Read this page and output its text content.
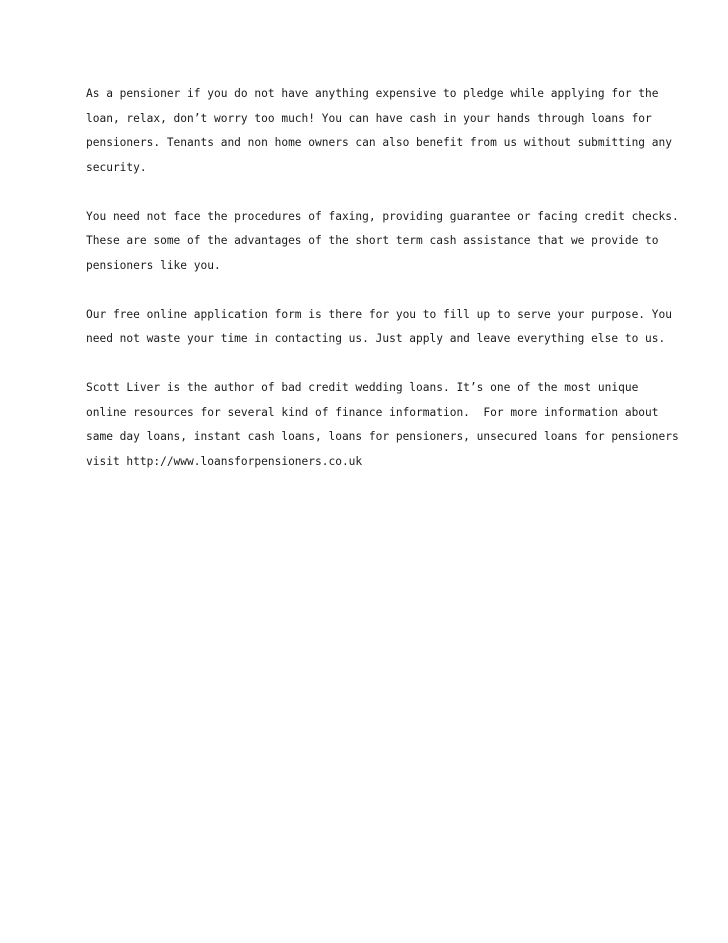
As a pensioner if you do not have anything expensive to pledge while applying for the
loan, relax, don’t worry too much! You can have cash in your hands through loans for
pensioners. Tenants and non home owners can also benefit from us without submitting any
security.

You need not face the procedures of faxing, providing guarantee or facing credit checks.
These are some of the advantages of the short term cash assistance that we provide to
pensioners like you.

Our free online application form is there for you to fill up to serve your purpose. You
need not waste your time in contacting us. Just apply and leave everything else to us.

Scott Liver is the author of bad credit wedding loans. It’s one of the most unique
online resources for several kind of finance information.  For more information about
same day loans, instant cash loans, loans for pensioners, unsecured loans for pensioners
visit http://www.loansforpensioners.co.uk
